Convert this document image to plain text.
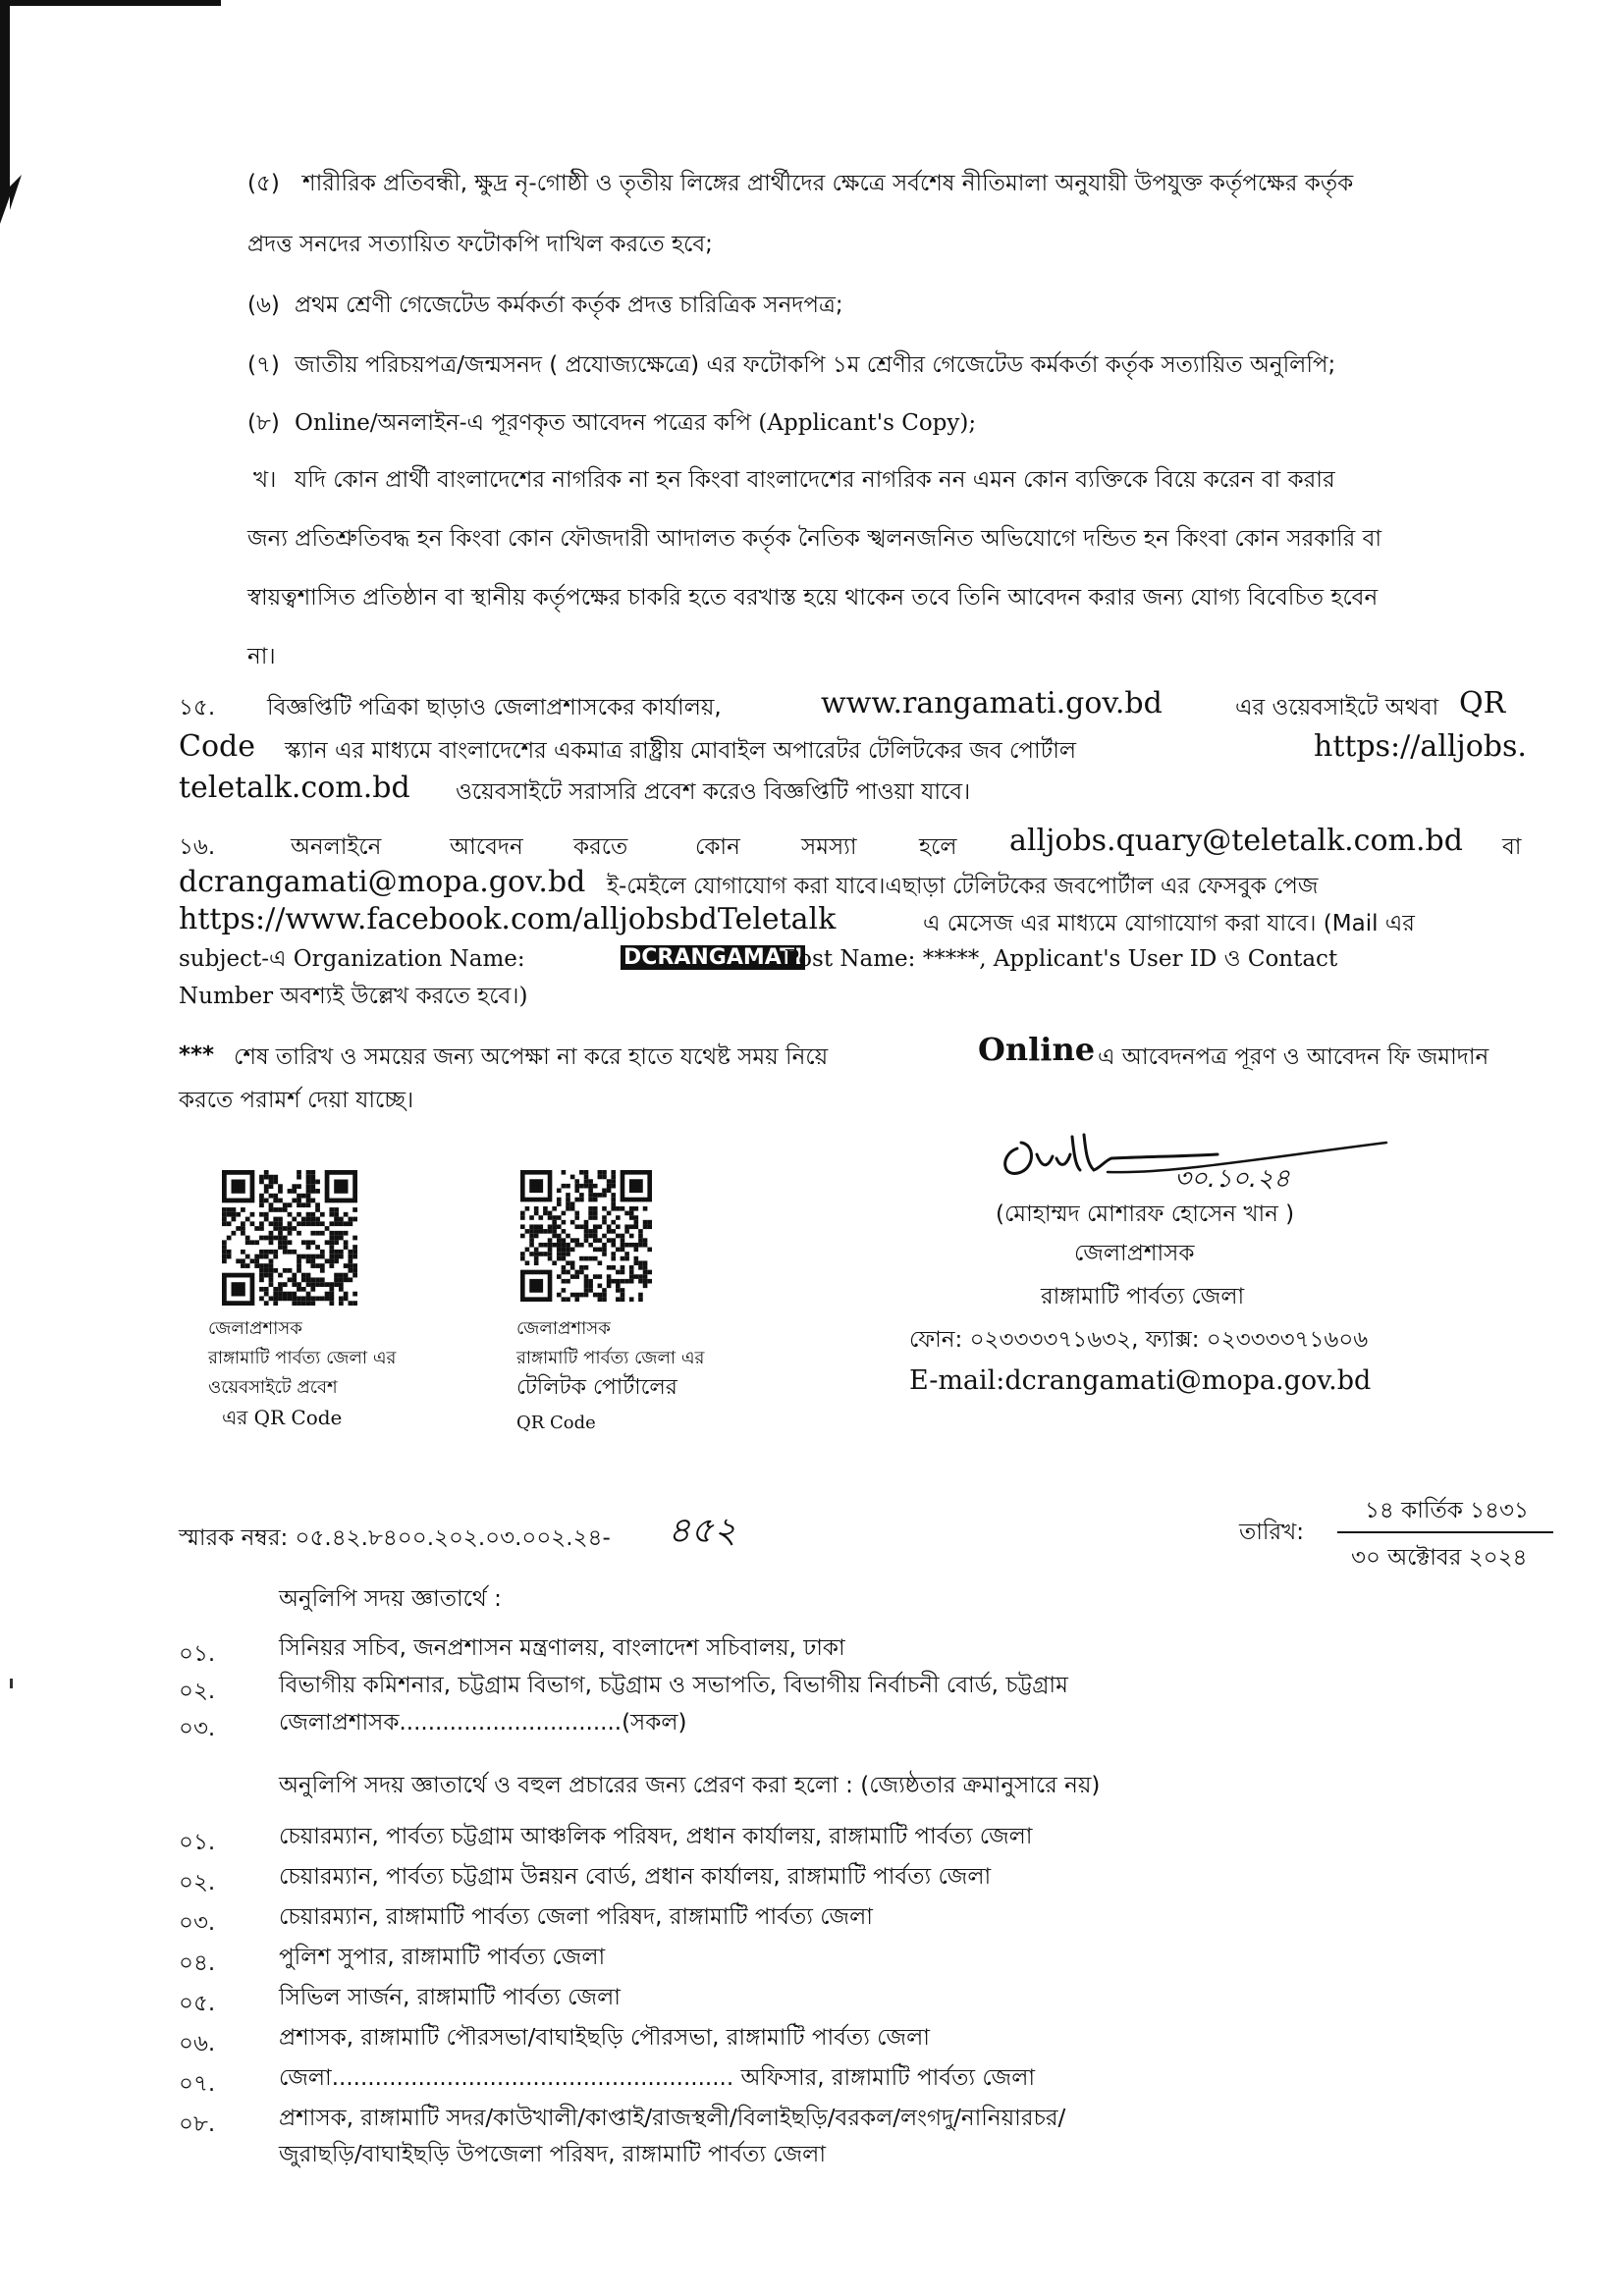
(৫) শারীরিক প্রতিবন্ধী, ক্ষুদ্র নৃ-গোষ্ঠী ও তৃতীয় লিঙ্গের প্রার্থীদের ক্ষেত্রে সর্বশেষ নীতিমালা অনুযায়ী উপযুক্ত কর্তৃপক্ষের কর্তৃক
প্রদত্ত সনদের সত্যায়িত ফটোকপি দাখিল করতে হবে;
(৬) প্রথম শ্রেণী গেজেটেড কর্মকর্তা কর্তৃক প্রদত্ত চারিত্রিক সনদপত্র;
(৭) জাতীয় পরিচয়পত্র/জন্মসনদ ( প্রযোজ্যক্ষেত্রে) এর ফটোকপি ১ম শ্রেণীর গেজেটেড কর্মকর্তা কর্তৃক সত্যায়িত অনুলিপি;
(৮) Online/অনলাইন-এ পূরণকৃত আবেদন পত্রের কপি (Applicant's Copy);
খ। যদি কোন প্রার্থী বাংলাদেশের নাগরিক না হন কিংবা বাংলাদেশের নাগরিক নন এমন কোন ব্যক্তিকে বিয়ে করেন বা করার
জন্য প্রতিশ্রুতিবদ্ধ হন কিংবা কোন ফৌজদারী আদালত কর্তৃক নৈতিক স্খলনজনিত অভিযোগে দন্ডিত হন কিংবা কোন সরকারি বা
স্বায়ত্বশাসিত প্রতিষ্ঠান বা স্থানীয় কর্তৃপক্ষের চাকরি হতে বরখাস্ত হয়ে থাকেন তবে তিনি আবেদন করার জন্য যোগ্য বিবেচিত হবেন
না।
১৫. বিজ্ঞপ্তিটি পত্রিকা ছাড়াও জেলাপ্রশাসকের কার্যালয়,	www.rangamati.gov.bd	এর ওয়েবসাইটে অথবা QR
Code স্ক্যান এর মাধ্যমে বাংলাদেশের একমাত্র রাষ্ট্রীয় মোবাইল অপারেটর টেলিটকের জব পোর্টাল	https://alljobs.
teletalk.com.bd ওয়েবসাইটে সরাসরি প্রবেশ করেও বিজ্ঞপ্তিটি পাওয়া যাবে।
১৬.	অনলাইনে	আবেদন করতে	কোন	সমস্যা	হলে alljobs.quary@teletalk.com.bd বা
dcrangamati@mopa.gov.bd ই-মেইলে যোগাযোগ করা যাবে।এছাড়া টেলিটকের জবপোর্টাল এর ফেসবুক পেজ
https://www.facebook.com/alljobsbdTeletalk	এ মেসেজ এর মাধ্যমে যোগাযোগ করা যাবে। (Mail এর
subject-এ Organization Name:	DCRANGAMATI
, Post Name: *****, Applicant's User ID ও Contact
Number অবশ্যই উল্লেখ করতে হবে।)
*** শেষ তারিখ ও সময়ের জন্য অপেক্ষা না করে হাতে যথেষ্ট সময় নিয়ে	Online এ আবেদনপত্র পূরণ ও আবেদন ফি জমাদান
করতে পরামর্শ দেয়া যাচ্ছে।
৩০.১০.২৪
(মোহাম্মদ মোশারফ হোসেন খান )
জেলাপ্রশাসক
রাঙ্গামাটি পার্বত্য জেলা
ফোন: ০২৩৩৩৩৭১৬৩২, ফ্যাক্স: ০২৩৩৩৩৭১৬০৬
E-mail:dcrangamati@mopa.gov.bd
জেলাপ্রশাসক
রাঙ্গামাটি পার্বত্য জেলা এর
ওয়েবসাইটে প্রবেশ
এর QR Code
জেলাপ্রশাসক
রাঙ্গামাটি পার্বত্য জেলা এর
টেলিটক পোর্টালের
QR Code
স্মারক নম্বর: ০৫.৪২.৮৪০০.২০২.০৩.০০২.২৪- ৪৫২	তারিখ:
১৪ কার্তিক ১৪৩১
৩০ অক্টোবর ২০২৪
অনুলিপি সদয় জ্ঞাতার্থে :
০১.	সিনিয়র সচিব, জনপ্রশাসন মন্ত্রণালয়, বাংলাদেশ সচিবালয়, ঢাকা
০২.	বিভাগীয় কমিশনার, চট্টগ্রাম বিভাগ, চট্টগ্রাম ও সভাপতি, বিভাগীয় নির্বাচনী বোর্ড, চট্টগ্রাম
০৩.	জেলাপ্রশাসক...............................(সকল)
অনুলিপি সদয় জ্ঞাতার্থে ও বহুল প্রচারের জন্য প্রেরণ করা হলো : (জ্যেষ্ঠতার ক্রমানুসারে নয়)
০১.	চেয়ারম্যান, পার্বত্য চট্টগ্রাম আঞ্চলিক পরিষদ, প্রধান কার্যালয়, রাঙ্গামাটি পার্বত্য জেলা
০২.	চেয়ারম্যান, পার্বত্য চট্টগ্রাম উন্নয়ন বোর্ড, প্রধান কার্যালয়, রাঙ্গামাটি পার্বত্য জেলা
০৩.	চেয়ারম্যান, রাঙ্গামাটি পার্বত্য জেলা পরিষদ, রাঙ্গামাটি পার্বত্য জেলা
০৪.	পুলিশ সুপার, রাঙ্গামাটি পার্বত্য জেলা
০৫.	সিভিল সার্জন, রাঙ্গামাটি পার্বত্য জেলা
০৬.	প্রশাসক, রাঙ্গামাটি পৌরসভা/বাঘাইছড়ি পৌরসভা, রাঙ্গামাটি পার্বত্য জেলা
০৭.	জেলা........................................................ অফিসার, রাঙ্গামাটি পার্বত্য জেলা
০৮.	প্রশাসক, রাঙ্গামাটি সদর/কাউখালী/কাপ্তাই/রাজস্থলী/বিলাইছড়ি/বরকল/লংগদু/নানিয়ারচর/
জুরাছড়ি/বাঘাইছড়ি উপজেলা পরিষদ, রাঙ্গামাটি পার্বত্য জেলা
